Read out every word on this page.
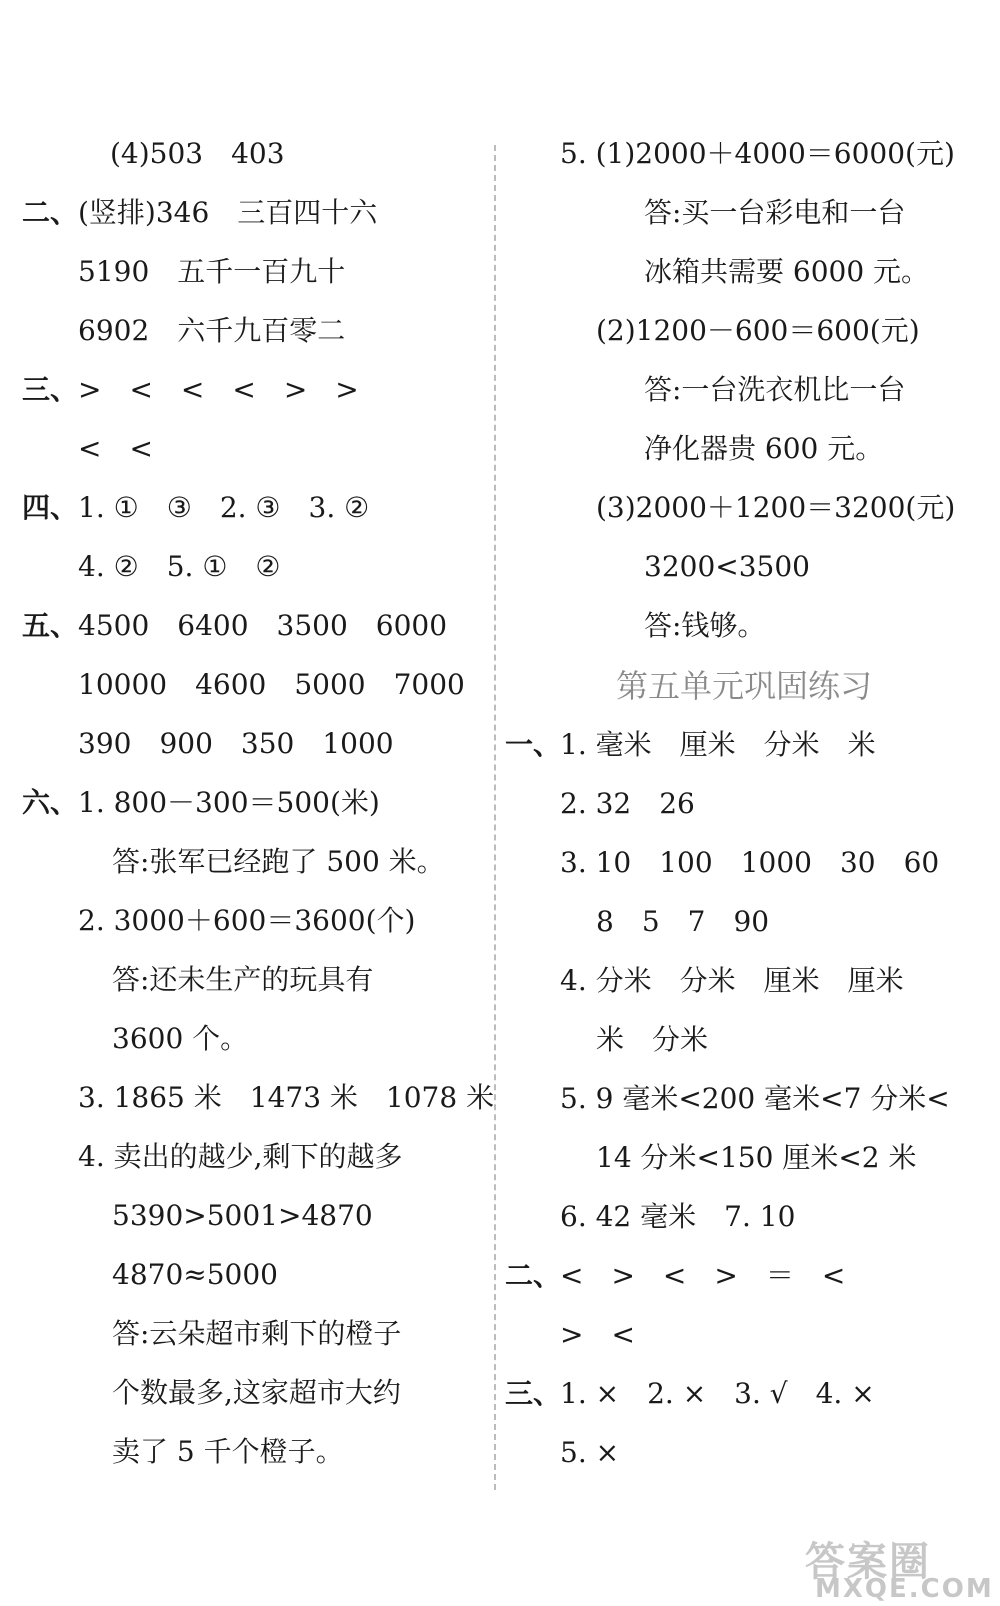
(4)503　403
二、 (竖排)346　三百四十六
5190　五千一百九十
6902　六千九百零二
三、 >　<　<　<　>　>
<　<
四、 1. ①　③　2. ③　3. ②
4. ②　5. ①　②
五、 4500　6400　3500　6000
10000　4600　5000　7000
390　900　350　1000
六、 1. 800－300＝500(米)
答:张军已经跑了 500 米。
2. 3000＋600＝3600(个)
答:还未生产的玩具有
3600 个。
3. 1865 米　1473 米　1078 米
4. 卖出的越少,剩下的越多
5390>5001>4870
4870≈5000
答:云朵超市剩下的橙子
个数最多,这家超市大约
卖了 5 千个橙子。
5. (1)2000＋4000＝6000(元)
答:买一台彩电和一台
冰箱共需要 6000 元。
(2)1200－600＝600(元)
答:一台洗衣机比一台
净化器贵 600 元。
(3)2000＋1200＝3200(元)
3200<3500
答:钱够。
第五单元巩固练习
一、
1. 毫米　厘米　分米　米
2. 32　26
3. 10　100　1000　30　60
8　5　7　90
4. 分米　分米　厘米　厘米
米　分米
5. 9 毫米<200 毫米<7 分米<
14 分米<150 厘米<2 米
6. 42 毫米　7. 10
二、
<　>　<　>　＝　<
>　<
三、
1. ×　2. ×　3. √　4. ×
5. ×
答案圈
MXQE.COM
